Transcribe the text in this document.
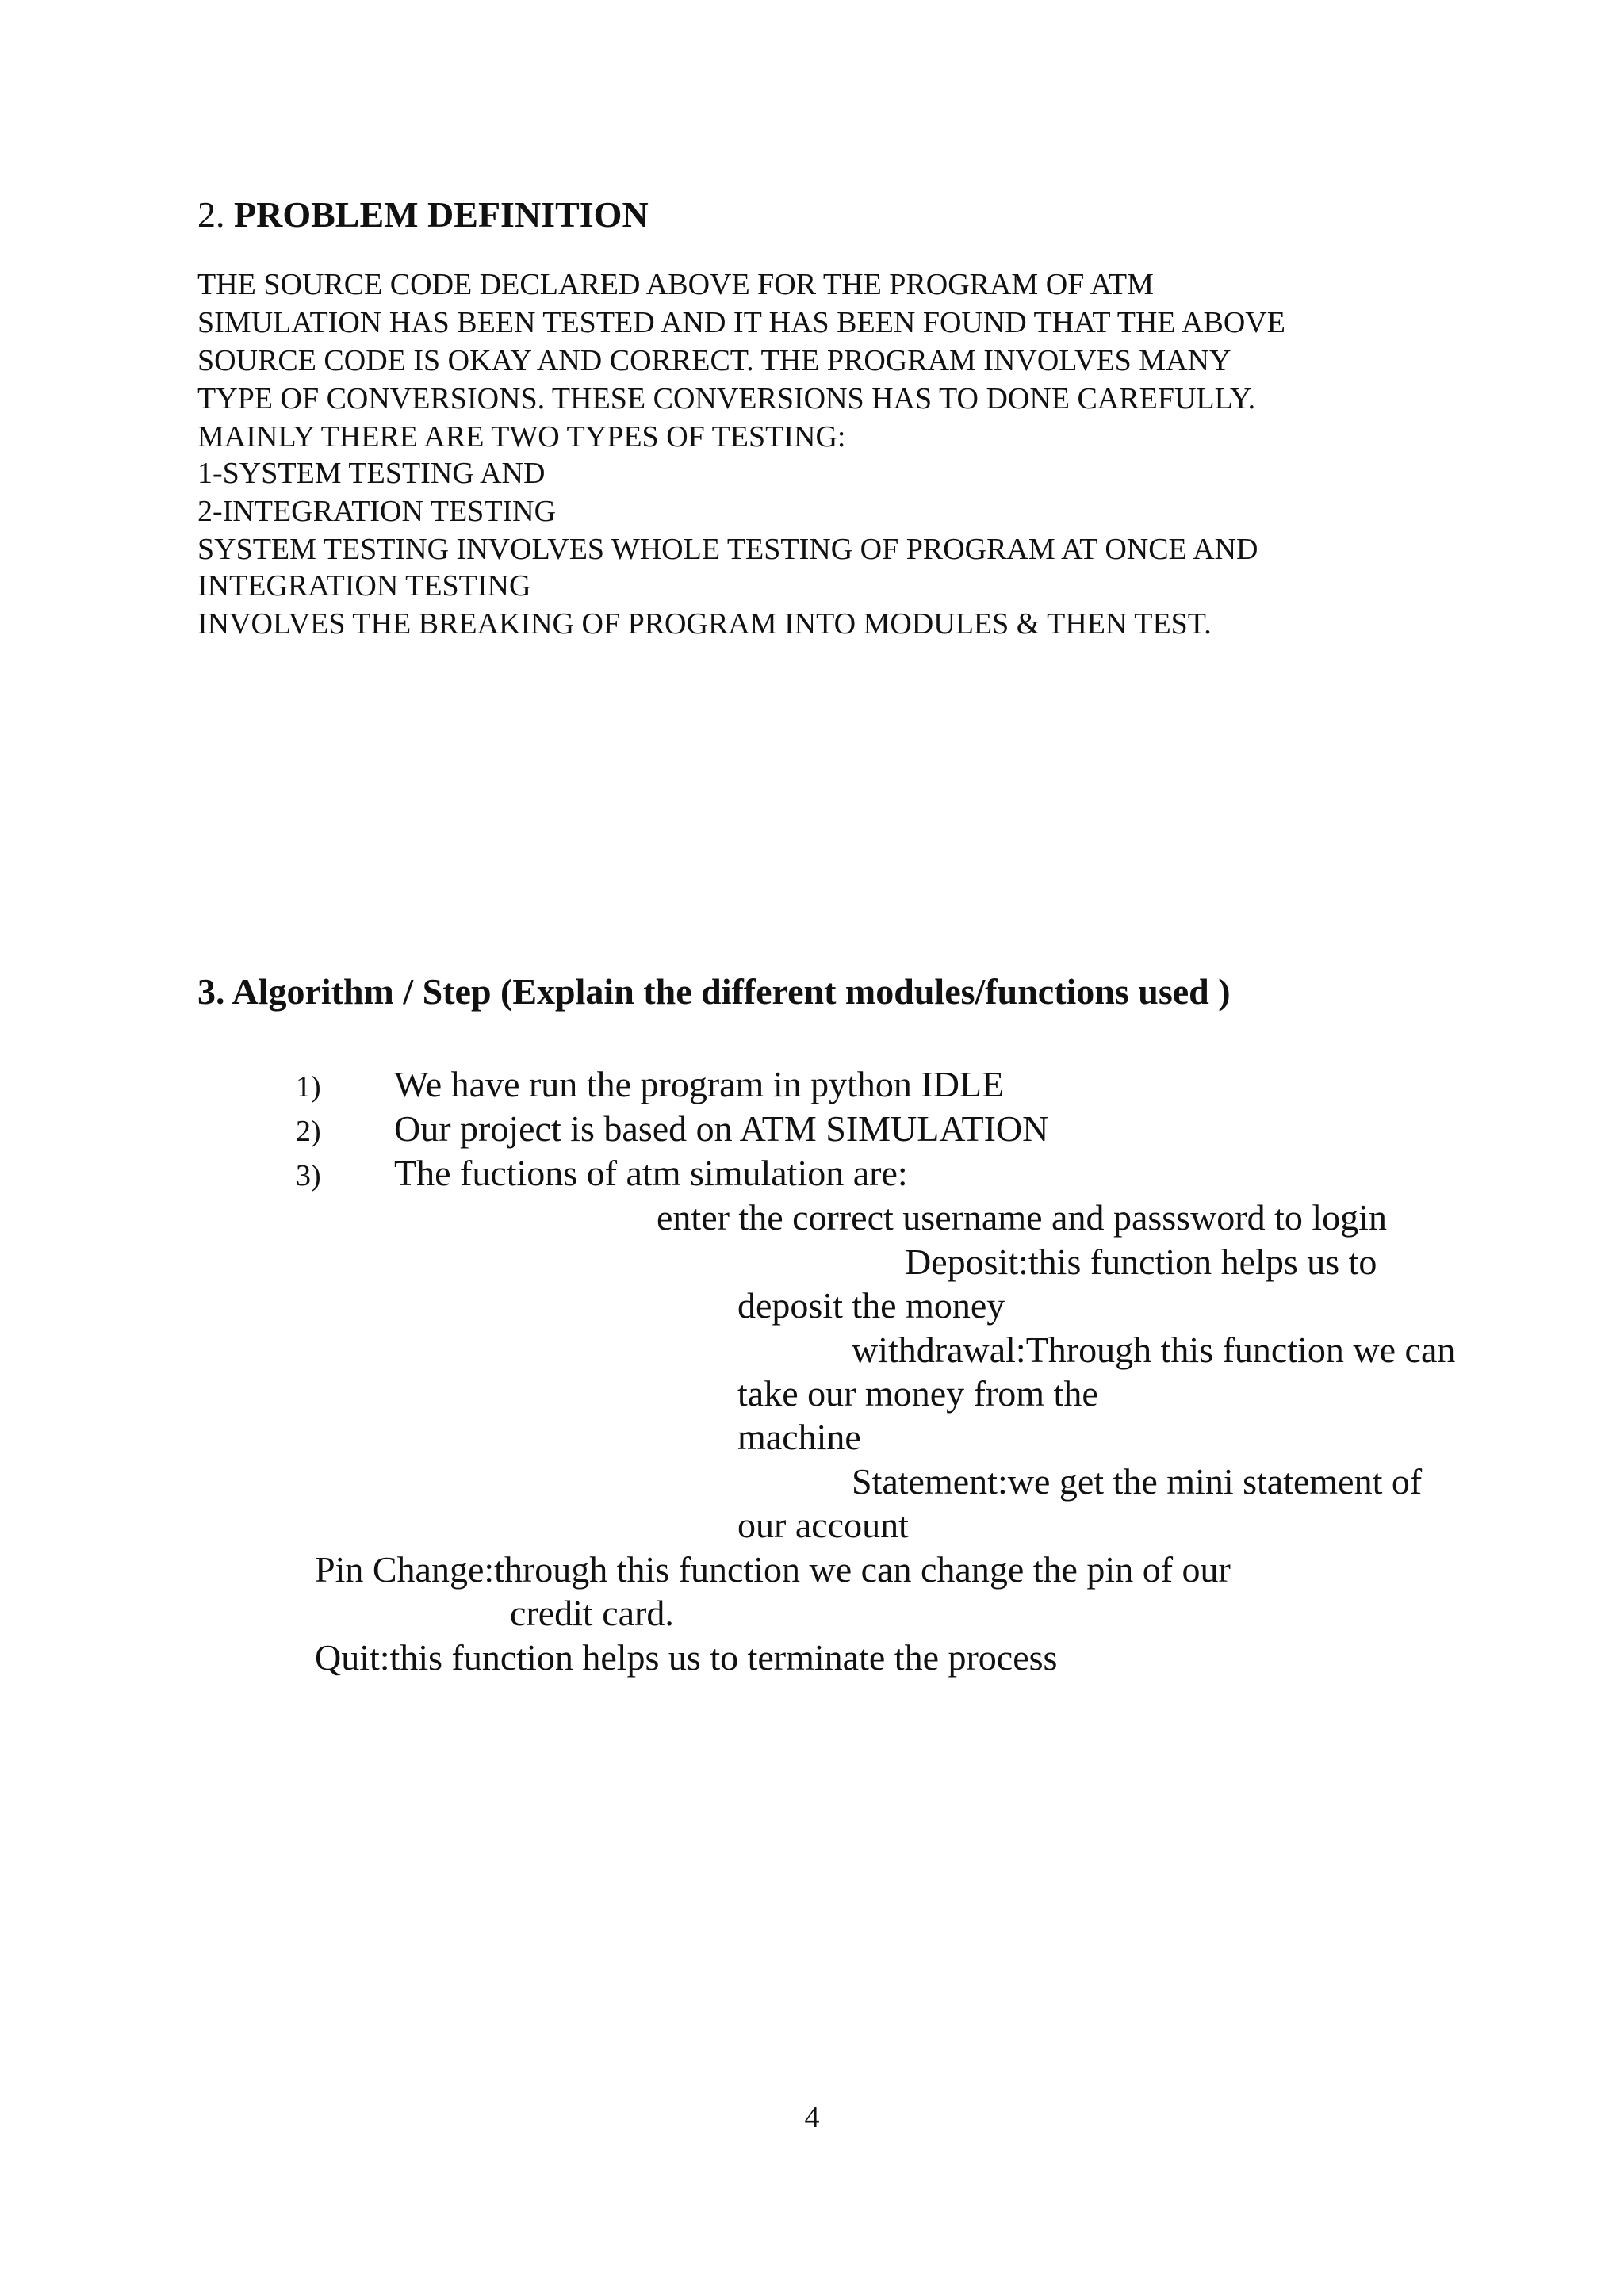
2. PROBLEM DEFINITION
THE SOURCE CODE DECLARED ABOVE FOR THE PROGRAM OF ATM
SIMULATION HAS BEEN TESTED AND IT HAS BEEN FOUND THAT THE ABOVE
SOURCE CODE IS OKAY AND CORRECT. THE PROGRAM INVOLVES MANY
TYPE OF CONVERSIONS. THESE CONVERSIONS HAS TO DONE CAREFULLY.
MAINLY THERE ARE TWO TYPES OF TESTING:
1-SYSTEM TESTING AND
2-INTEGRATION TESTING
SYSTEM TESTING INVOLVES WHOLE TESTING OF PROGRAM AT ONCE AND
INTEGRATION TESTING
INVOLVES THE BREAKING OF PROGRAM INTO MODULES & THEN TEST.
3. Algorithm / Step (Explain the different modules/functions used )
1) We have run the program in python IDLE
2) Our project is based on ATM SIMULATION
3) The fuctions of atm simulation are:
enter the correct username and passsword to login
Deposit:this function helps us to
deposit the money
withdrawal:Through this function we can
take our money from the
machine
Statement:we get the mini statement of
our account
Pin Change:through this function we can change the pin of our
credit card.
Quit:this function helps us to terminate the process
4
